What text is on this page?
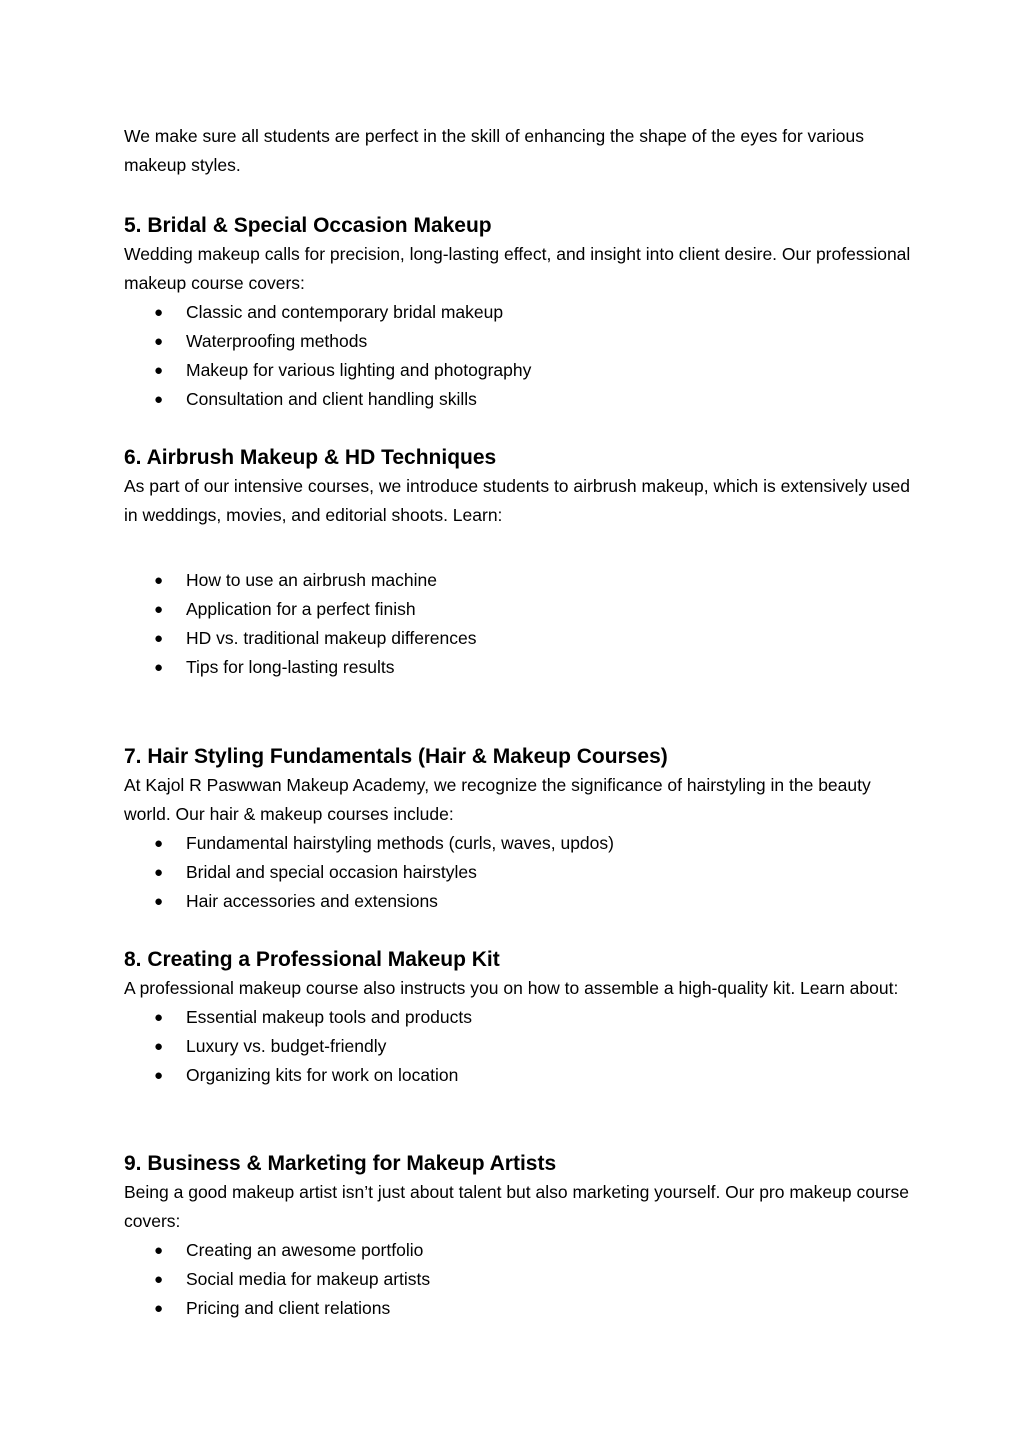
We make sure all students are perfect in the skill of enhancing the shape of the eyes for various makeup styles.

5. Bridal & Special Occasion Makeup

Wedding makeup calls for precision, long-lasting effect, and insight into client desire. Our professional makeup course covers:

● Classic and contemporary bridal makeup
● Waterproofing methods
● Makeup for various lighting and photography
● Consultation and client handling skills
6. Airbrush Makeup & HD Techniques

As part of our intensive courses, we introduce students to airbrush makeup, which is extensively used in weddings, movies, and editorial shoots. Learn:

● How to use an airbrush machine
● Application for a perfect finish
● HD vs. traditional makeup differences
● Tips for long-lasting results
7. Hair Styling Fundamentals (Hair & Makeup Courses)

At Kajol R Paswwan Makeup Academy, we recognize the significance of hairstyling in the beauty world. Our hair & makeup courses include:

● Fundamental hairstyling methods (curls, waves, updos)
● Bridal and special occasion hairstyles
● Hair accessories and extensions
8. Creating a Professional Makeup Kit

A professional makeup course also instructs you on how to assemble a high-quality kit. Learn about:

● Essential makeup tools and products
● Luxury vs. budget-friendly
● Organizing kits for work on location
9. Business & Marketing for Makeup Artists

Being a good makeup artist isn’t just about talent but also marketing yourself. Our pro makeup course covers:

● Creating an awesome portfolio
● Social media for makeup artists
● Pricing and client relations
